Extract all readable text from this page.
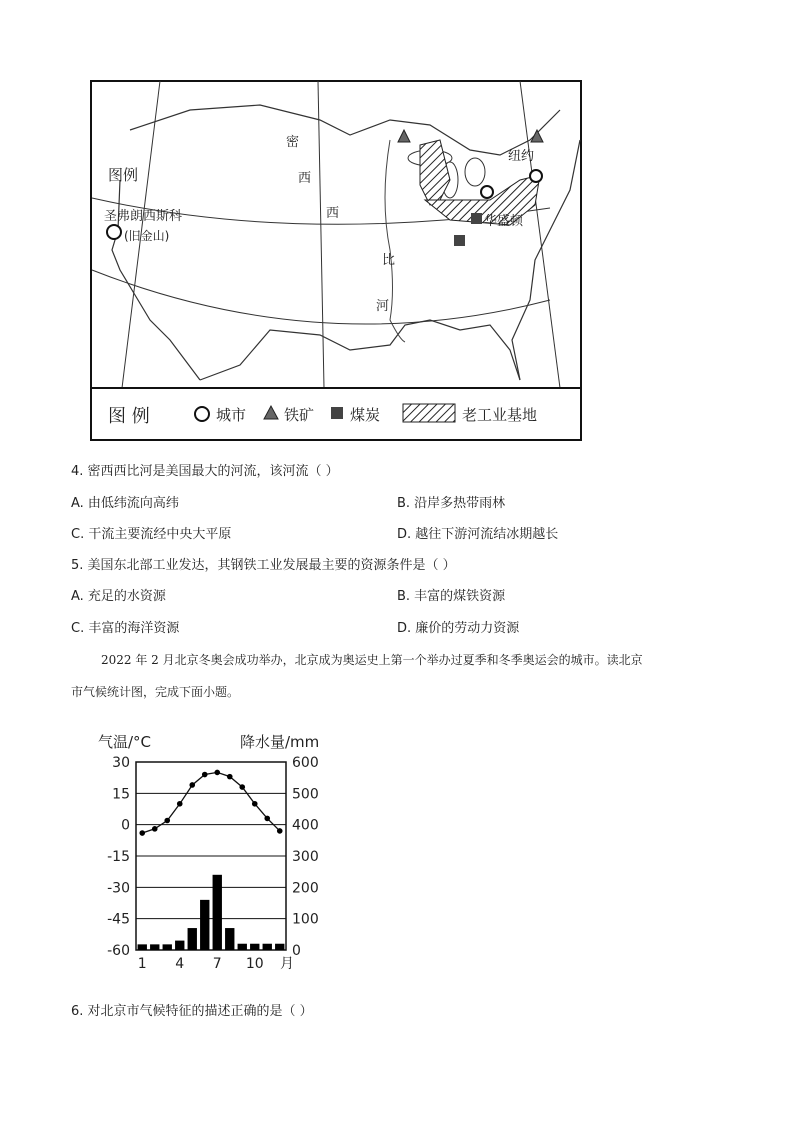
图例
圣弗朗西斯科
(旧金山)
纽约
华盛顿
密
西
西
比
河
图 例	城市	铁矿 煤炭	老工业基地
4. 密西西比河是美国最大的河流，该河流（ ）
A. 由低纬流向高纬	B. 沿岸多热带雨林
C. 干流主要流经中央大平原	D. 越往下游河流结冰期越长
5. 美国东北部工业发达，其钢铁工业发展最主要的资源条件是（ ）
A. 充足的水资源	B. 丰富的煤铁资源
C. 丰富的海洋资源	D. 廉价的劳动力资源
2022 年 2 月北京冬奥会成功举办，北京成为奥运史上第一个举办过夏季和冬季奥运会的城市。读北京
市气候统计图，完成下面小题。
气温/°C	降水量/mm
30	600
15	500
0	400
-15	300
-30	200
-45	100
-60	0
1 4 7 10 月
6. 对北京市气候特征的描述正确的是（ ）
